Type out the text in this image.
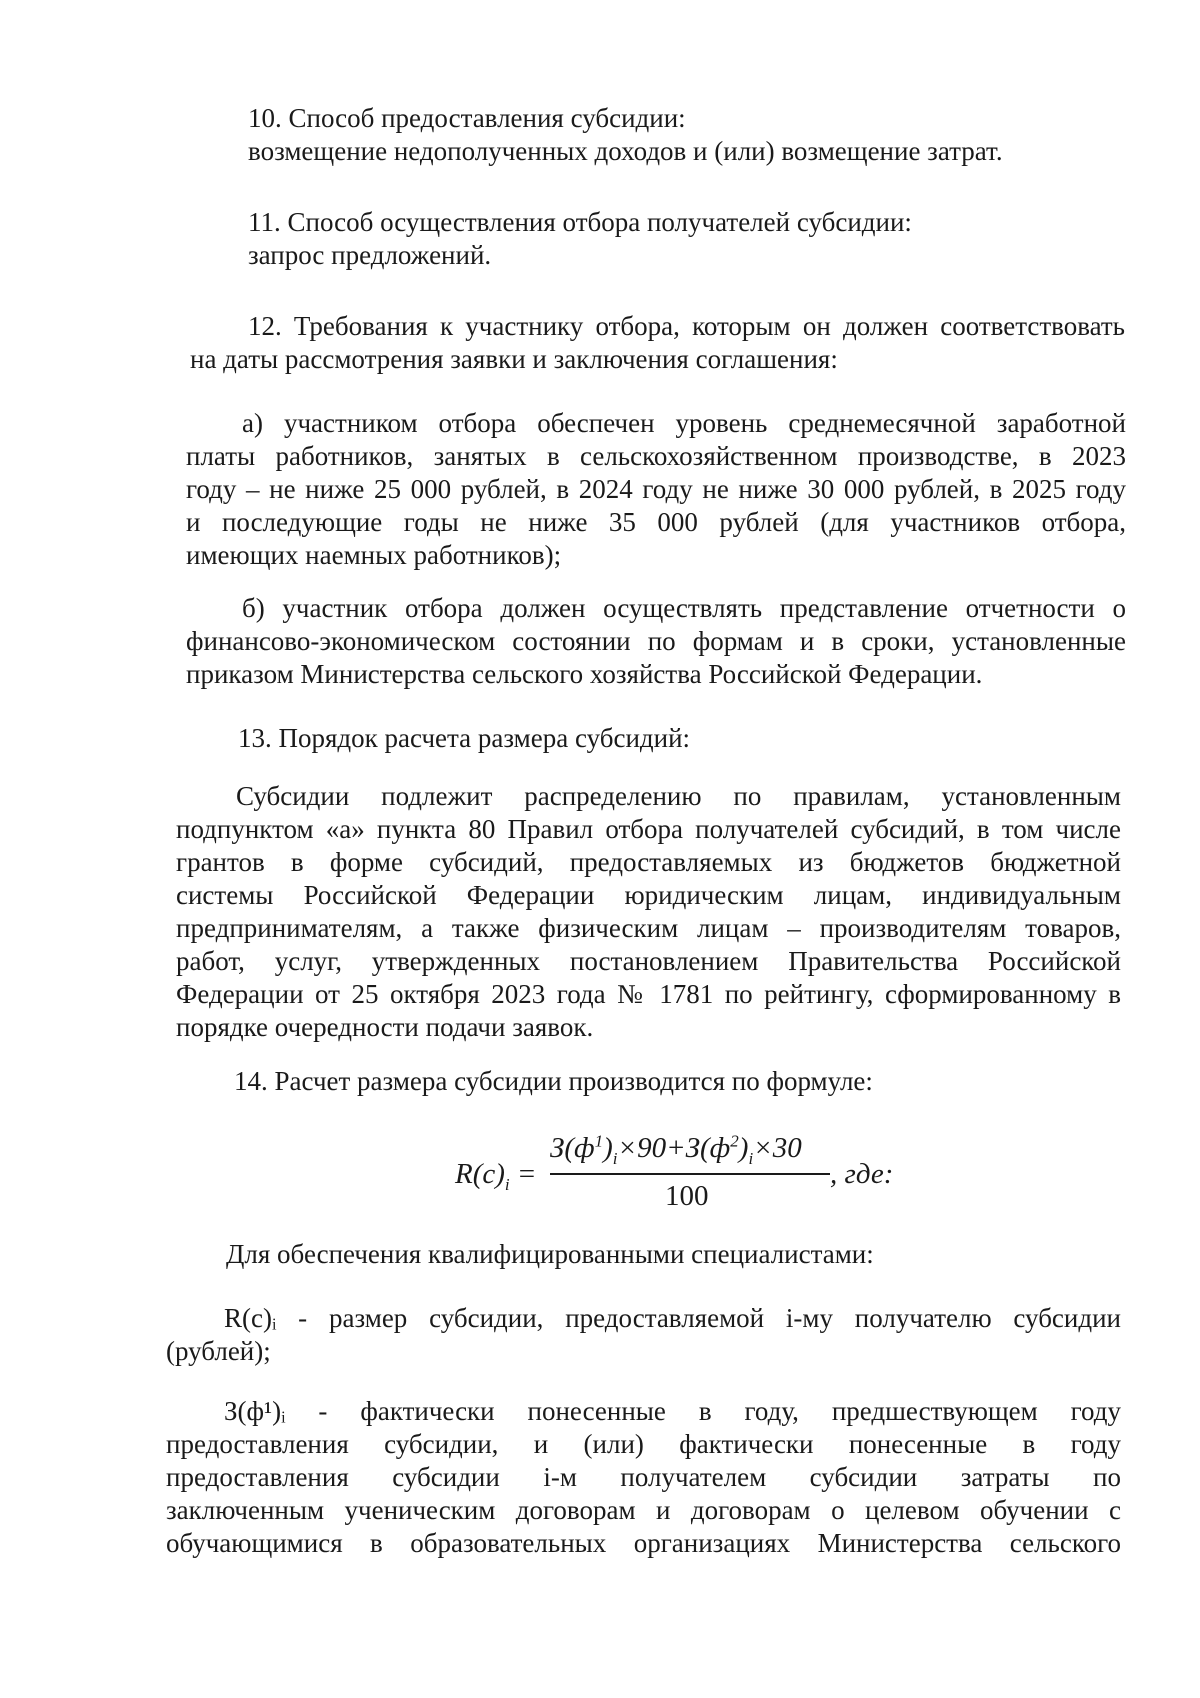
10. Способ предоставления субсидии:
возмещение недополученных доходов и (или) возмещение затрат.
11. Способ осуществления отбора получателей субсидии:
запрос предложений.
12. Требования к участнику отбора, которым он должен соответствовать
на даты рассмотрения заявки и заключения соглашения:
а) участником отбора обеспечен уровень среднемесячной заработной
платы работников, занятых в сельскохозяйственном производстве, в 2023
году – не ниже 25 000 рублей, в 2024 году не ниже 30 000 рублей, в 2025 году
и последующие годы не ниже 35 000 рублей (для участников отбора,
имеющих наемных работников);
б) участник отбора должен осуществлять представление отчетности о
финансово-экономическом состоянии по формам и в сроки, установленные
приказом Министерства сельского хозяйства Российской Федерации.
13. Порядок расчета размера субсидий:
Субсидии подлежит распределению по правилам, установленным
подпунктом «а» пункта 80 Правил отбора получателей субсидий, в том числе
грантов в форме субсидий, предоставляемых из бюджетов бюджетной
системы Российской Федерации юридическим лицам, индивидуальным
предпринимателям, а также физическим лицам – производителям товаров,
работ, услуг, утвержденных постановлением Правительства Российской
Федерации от 25 октября 2023 года № 1781 по рейтингу, сформированному в
порядке очередности подачи заявок.
14. Расчет размера субсидии производится по формуле:
$R(c)_i$ =
$З(ф^1)_i\times 90+З(ф^2)_i\times 30$
100
, где:
Для обеспечения квалифицированными специалистами:
R(c)ᵢ - размер субсидии, предоставляемой i-му получателю субсидии
(рублей);
З(ф¹)ᵢ - фактически понесенные в году, предшествующем году
предоставления субсидии, и (или) фактически понесенные в году
предоставления субсидии i-м получателем субсидии затраты по
заключенным ученическим договорам и договорам о целевом обучении с
обучающимися в образовательных организациях Министерства сельского
